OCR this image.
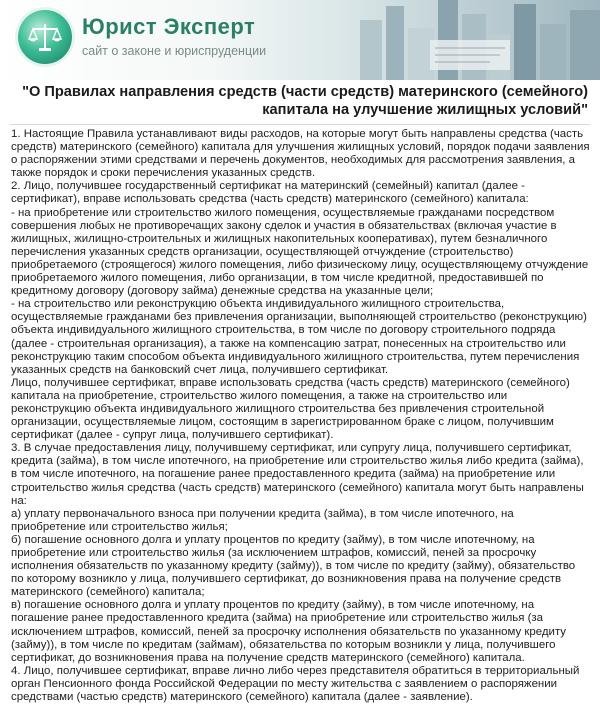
Юрист Эксперт
сайт о законе и юриспруденции
"О Правилах направления средств (части средств) материнского (семейного) капитала на улучшение жилищных условий"
1. Настоящие Правила устанавливают виды расходов, на которые могут быть направлены средства (часть средств) материнского (семейного) капитала для улучшения жилищных условий, порядок подачи заявления о распоряжении этими средствами и перечень документов, необходимых для рассмотрения заявления, а также порядок и сроки перечисления указанных средств.
2. Лицо, получившее государственный сертификат на материнский (семейный) капитал (далее - сертификат), вправе использовать средства (часть средств) материнского (семейного) капитала:
- на приобретение или строительство жилого помещения, осуществляемые гражданами посредством совершения любых не противоречащих закону сделок и участия в обязательствах (включая участие в жилищных, жилищно-строительных и жилищных накопительных кооперативах), путем безналичного перечисления указанных средств организации, осуществляющей отчуждение (строительство) приобретаемого (строящегося) жилого помещения, либо физическому лицу, осуществляющему отчуждение приобретаемого жилого помещения, либо организации, в том числе кредитной, предоставившей по кредитному договору (договору займа) денежные средства на указанные цели;
- на строительство или реконструкцию объекта индивидуального жилищного строительства, осуществляемые гражданами без привлечения организации, выполняющей строительство (реконструкцию) объекта индивидуального жилищного строительства, в том числе по договору строительного подряда (далее - строительная организация), а также на компенсацию затрат, понесенных на строительство или реконструкцию таким способом объекта индивидуального жилищного строительства, путем перечисления указанных средств на банковский счет лица, получившего сертификат.
Лицо, получившее сертификат, вправе использовать средства (часть средств) материнского (семейного) капитала на приобретение, строительство жилого помещения, а также на строительство или реконструкцию объекта индивидуального жилищного строительства без привлечения строительной организации, осуществляемые лицом, состоящим в зарегистрированном браке с лицом, получившим сертификат (далее - супруг лица, получившего сертификат).
3. В случае предоставления лицу, получившему сертификат, или супругу лица, получившего сертификат, кредита (займа), в том числе ипотечного, на приобретение или строительство жилья либо кредита (займа), в том числе ипотечного, на погашение ранее предоставленного кредита (займа) на приобретение или строительство жилья средства (часть средств) материнского (семейного) капитала могут быть направлены на:
а) уплату первоначального взноса при получении кредита (займа), в том числе ипотечного, на приобретение или строительство жилья;
б) погашение основного долга и уплату процентов по кредиту (займу), в том числе ипотечному, на приобретение или строительство жилья (за исключением штрафов, комиссий, пеней за просрочку исполнения обязательств по указанному кредиту (займу)), в том числе по кредиту (займу), обязательство по которому возникло у лица, получившего сертификат, до возникновения права на получение средств материнского (семейного) капитала;
в) погашение основного долга и уплату процентов по кредиту (займу), в том числе ипотечному, на погашение ранее предоставленного кредита (займа) на приобретение или строительство жилья (за исключением штрафов, комиссий, пеней за просрочку исполнения обязательств по указанному кредиту (займу)), в том числе по кредитам (займам), обязательства по которым возникли у лица, получившего сертификат, до возникновения права на получение средств материнского (семейного) капитала.
4. Лицо, получившее сертификат, вправе лично либо через представителя обратиться в территориальный орган Пенсионного фонда Российской Федерации по месту жительства с заявлением о распоряжении средствами (частью средств) материнского (семейного) капитала (далее - заявление).
